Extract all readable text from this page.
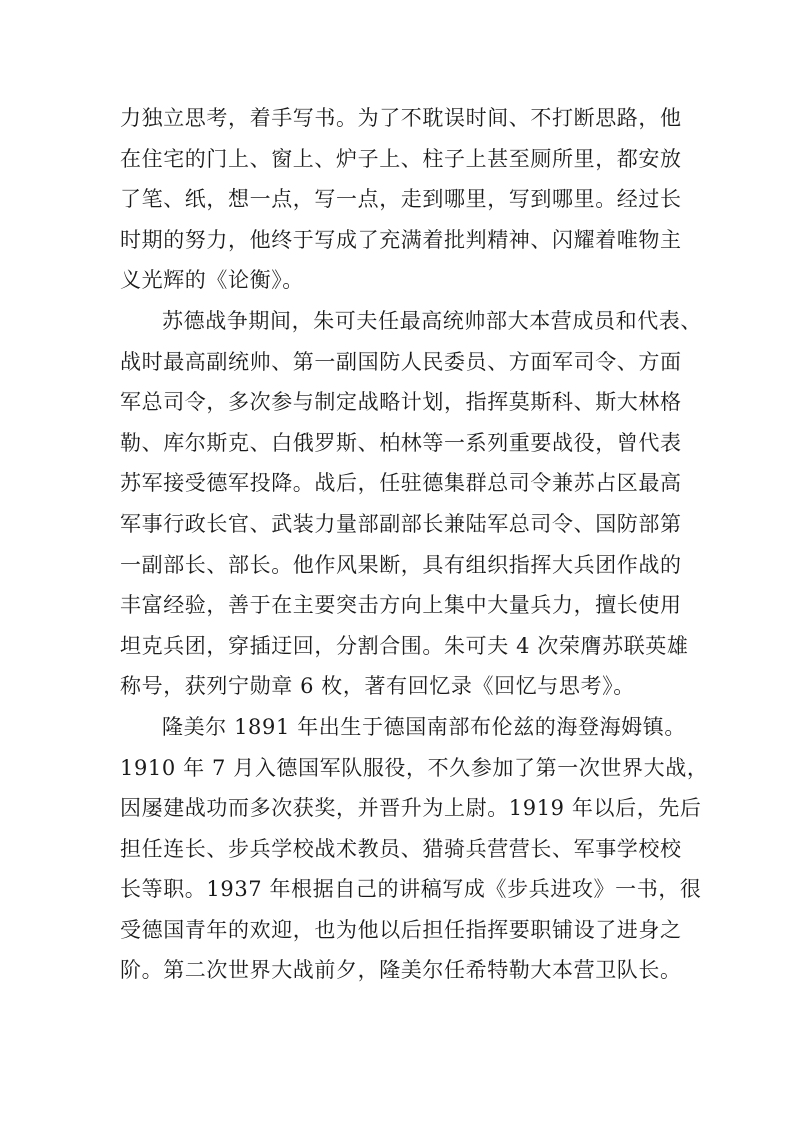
力独立思考，着手写书。为了不耽误时间、不打断思路，他
在住宅的门上、窗上、炉子上、柱子上甚至厕所里，都安放
了笔、纸，想一点，写一点，走到哪里，写到哪里。经过长
时期的努力，他终于写成了充满着批判精神、闪耀着唯物主
义光辉的《论衡》。
苏德战争期间，朱可夫任最高统帅部大本营成员和代表、
战时最高副统帅、第一副国防人民委员、方面军司令、方面
军总司令，多次参与制定战略计划，指挥莫斯科、斯大林格
勒、库尔斯克、白俄罗斯、柏林等一系列重要战役，曾代表
苏军接受德军投降。战后，任驻德集群总司令兼苏占区最高
军事行政长官、武装力量部副部长兼陆军总司令、国防部第
一副部长、部长。他作风果断，具有组织指挥大兵团作战的
丰富经验，善于在主要突击方向上集中大量兵力，擅长使用
坦克兵团，穿插迂回，分割合围。朱可夫 4 次荣膺苏联英雄
称号，获列宁勋章 6 枚，著有回忆录《回忆与思考》。
隆美尔 1891 年出生于德国南部布伦兹的海登海姆镇。
1910 年 7 月入德国军队服役，不久参加了第一次世界大战，
因屡建战功而多次获奖，并晋升为上尉。1919 年以后，先后
担任连长、步兵学校战术教员、猎骑兵营营长、军事学校校
长等职。1937 年根据自己的讲稿写成《步兵进攻》一书，很
受德国青年的欢迎，也为他以后担任指挥要职铺设了进身之
阶。第二次世界大战前夕，隆美尔任希特勒大本营卫队长。
